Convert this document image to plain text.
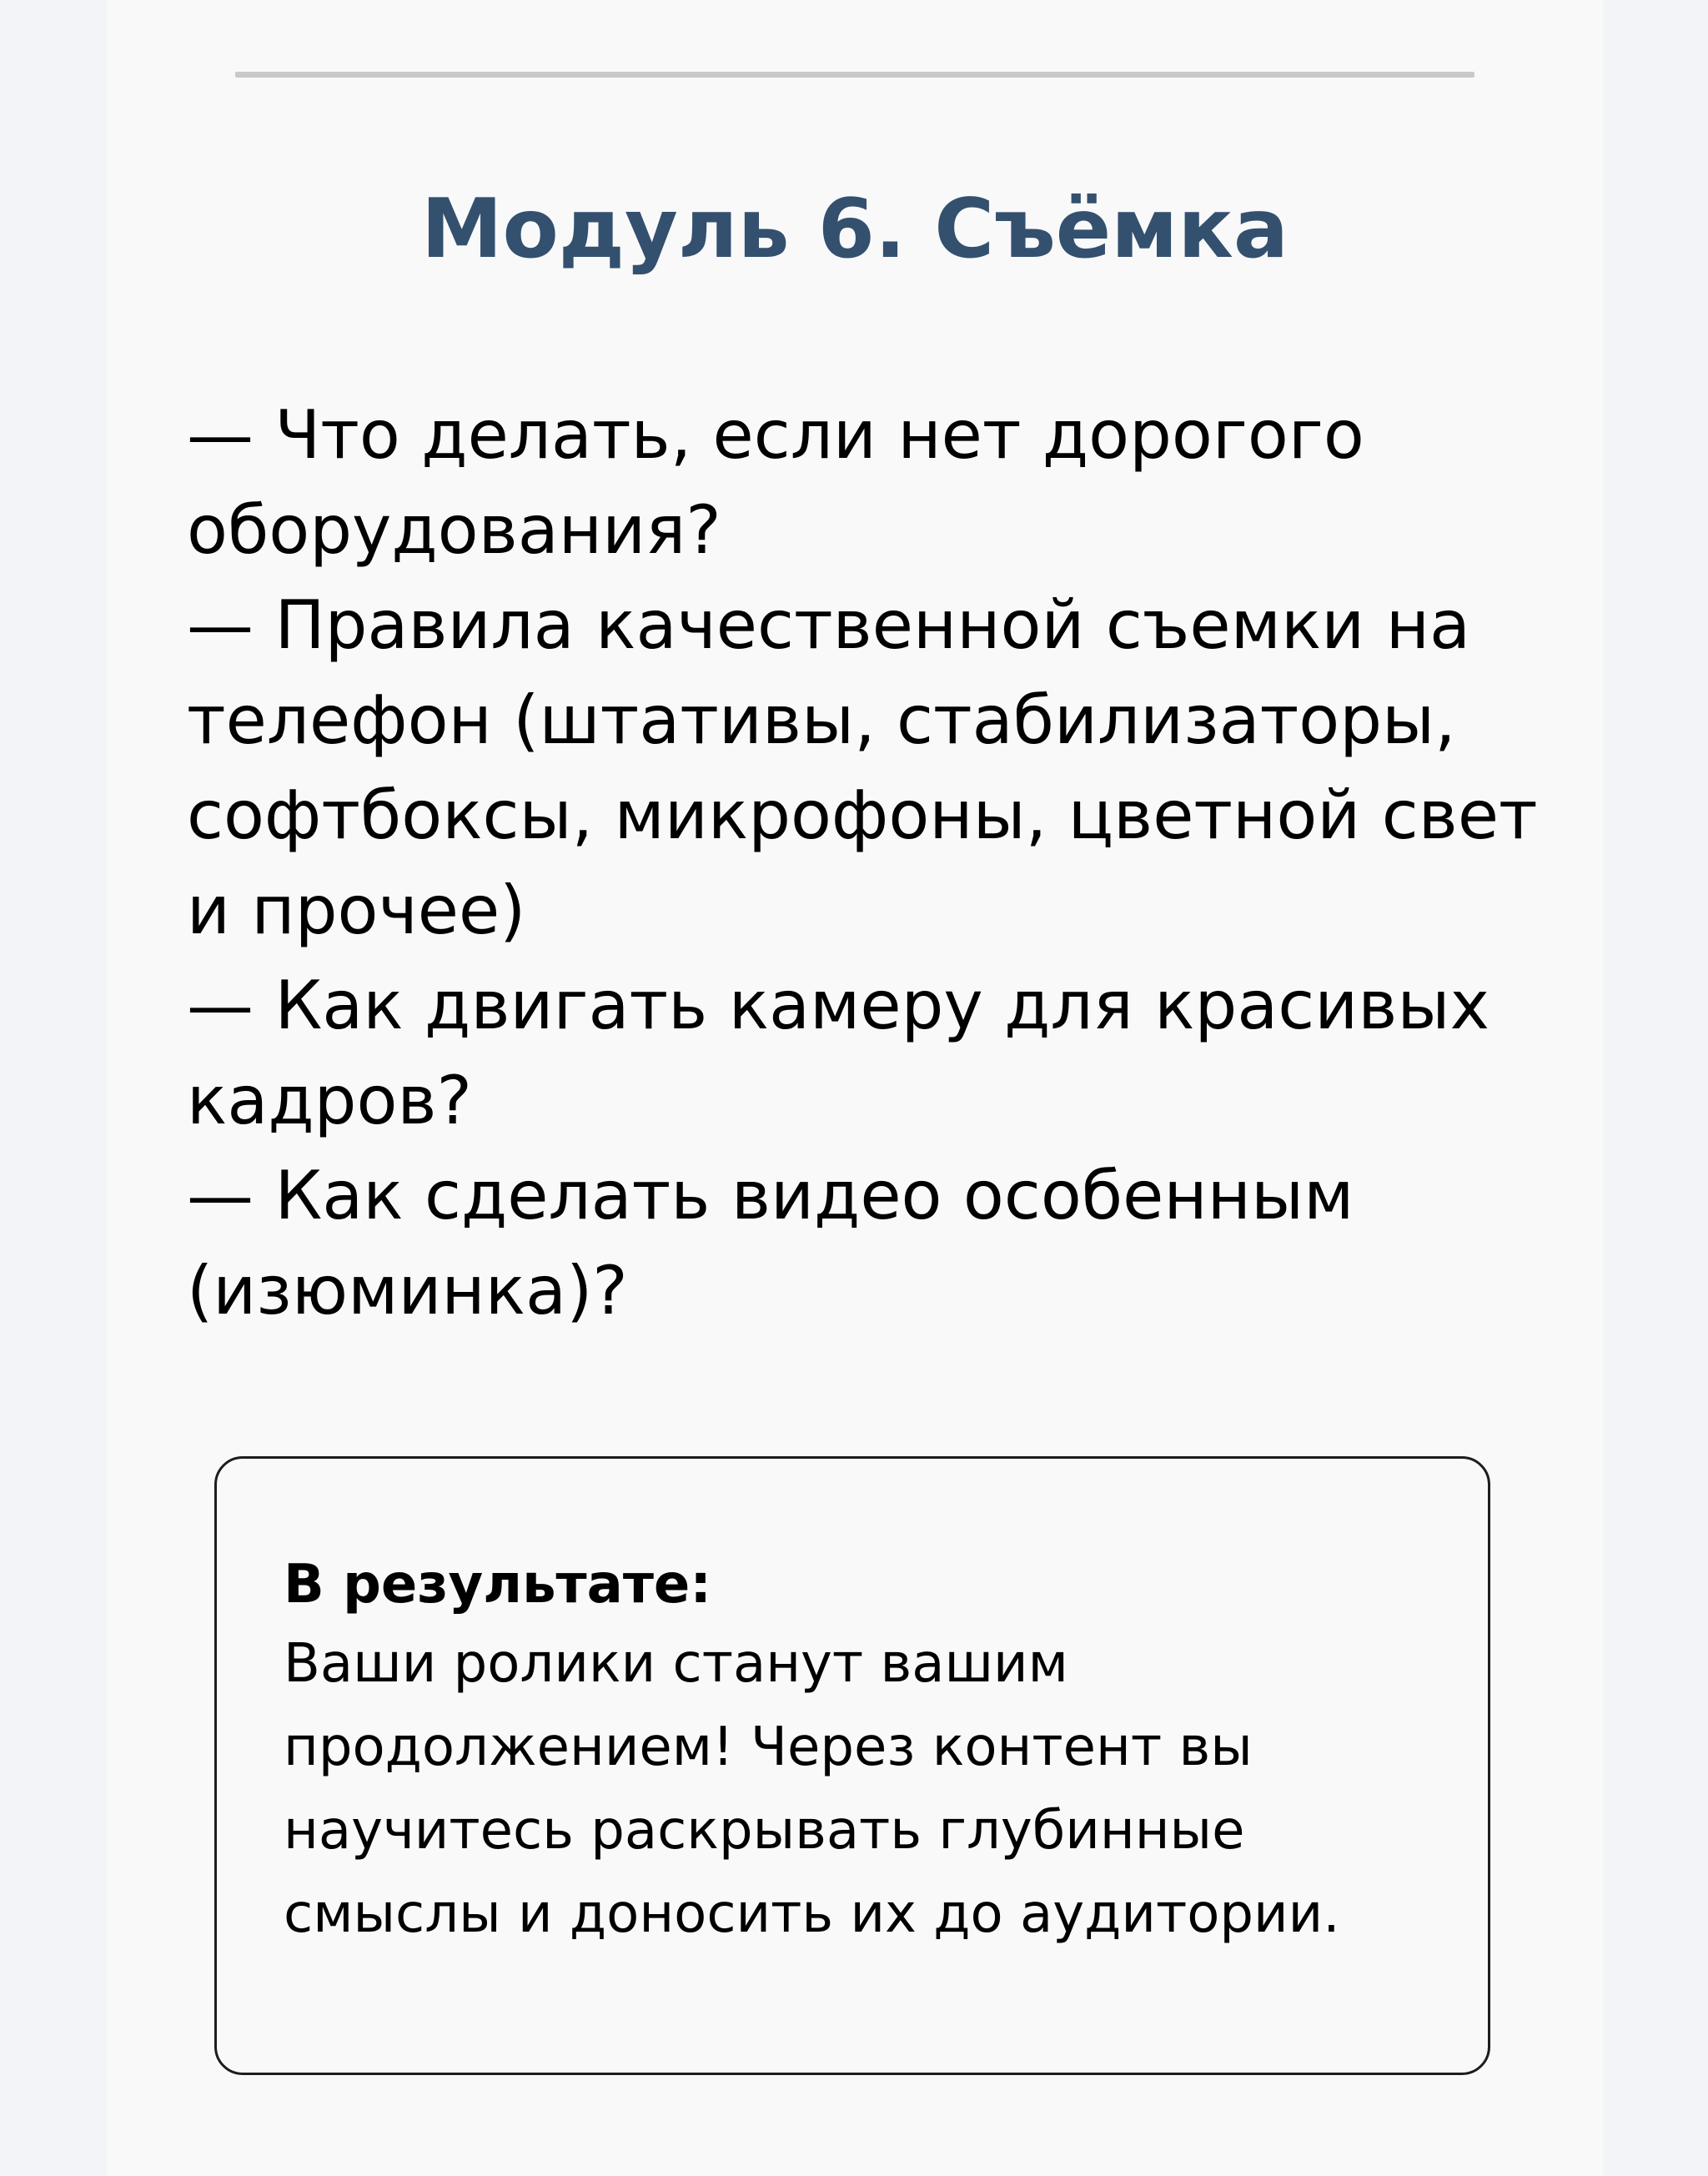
Модуль 6. Съёмка
— Что делать, если нет дорогого оборудования?
— Правила качественной съемки на телефон (штативы, стабилизаторы, софтбоксы, микрофоны, цветной свет и прочее)
— Как двигать камеру для красивых кадров?
— Как сделать видео особенным (изюминка)?

В результате:

Ваши ролики станут вашим продолжением! Через контент вы научитесь раскрывать глубинные смыслы и доносить их до аудитории.
